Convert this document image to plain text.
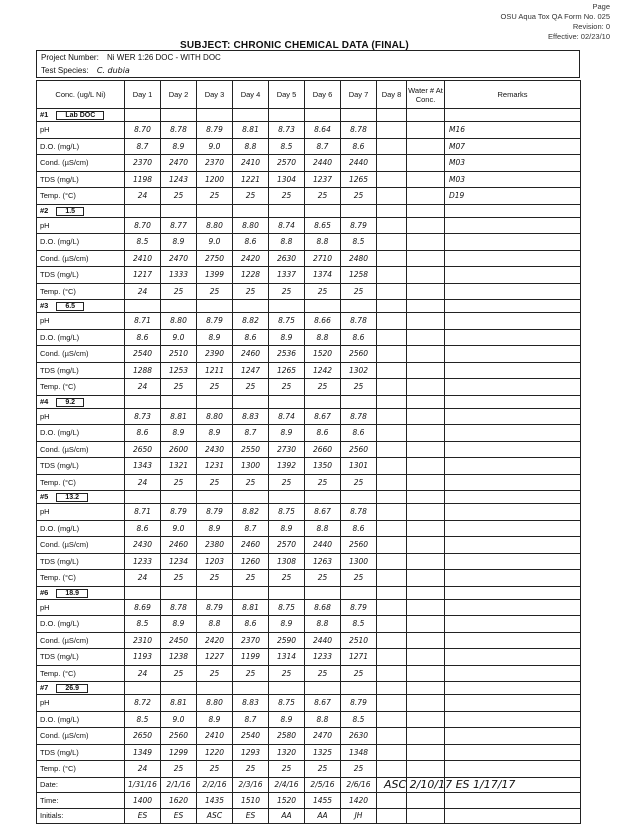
Page
OSU Aqua Tox QA Form No. 025
Revision: 0
Effective: 02/23/10
SUBJECT: CHRONIC CHEMICAL DATA (FINAL)
Project Number: Ni WER 1:26 DOC - WITH DOC
Test Species: C. dubia
Conc. (ug/L Ni)	Day 1	Day 2	Day 3	Day 4	Day 5	Day 6	Day 7	Day 8	Water # At Conc.	Remarks
#1 Lab DOC										
pH	8.70	8.78	8.79	8.81	8.73	8.64	8.78			M16
D.O. (mg/L)	8.7	8.9	9.0	8.8	8.5	8.7	8.6			M07
Cond. (µS/cm)	2370	2470	2370	2410	2570	2440	2440			M03
TDS (mg/L)	1198	1243	1200	1221	1304	1237	1265			M03
Temp. (°C)	24	25	25	25	25	25	25			D19
#2 1.5										
pH	8.70	8.77	8.80	8.80	8.74	8.65	8.79			
D.O. (mg/L)	8.5	8.9	9.0	8.6	8.8	8.8	8.5			
Cond. (µS/cm)	2410	2470	2750	2420	2630	2710	2480			
TDS (mg/L)	1217	1333	1399	1228	1337	1374	1258			
Temp. (°C)	24	25	25	25	25	25	25			
#3 6.5										
pH	8.71	8.80	8.79	8.82	8.75	8.66	8.78			
D.O. (mg/L)	8.6	9.0	8.9	8.6	8.9	8.8	8.6			
Cond. (µS/cm)	2540	2510	2390	2460	2536	1520	2560			
TDS (mg/L)	1288	1253	1211	1247	1265	1242	1302			
Temp. (°C)	24	25	25	25	25	25	25			
#4 9.2										
pH	8.73	8.81	8.80	8.83	8.74	8.67	8.78			
D.O. (mg/L)	8.6	8.9	8.9	8.7	8.9	8.6	8.6			
Cond. (µS/cm)	2650	2600	2430	2550	2730	2660	2560			
TDS (mg/L)	1343	1321	1231	1300	1392	1350	1301			
Temp. (°C)	24	25	25	25	25	25	25			
#5 13.2										
pH	8.71	8.79	8.79	8.82	8.75	8.67	8.78			
D.O. (mg/L)	8.6	9.0	8.9	8.7	8.9	8.8	8.6			
Cond. (µS/cm)	2430	2460	2380	2460	2570	2440	2560			
TDS (mg/L)	1233	1234	1203	1260	1308	1263	1300			
Temp. (°C)	24	25	25	25	25	25	25			
#6 18.9										
pH	8.69	8.78	8.79	8.81	8.75	8.68	8.79			
D.O. (mg/L)	8.5	8.9	8.8	8.6	8.9	8.8	8.5			
Cond. (µS/cm)	2310	2450	2420	2370	2590	2440	2510			
TDS (mg/L)	1193	1238	1227	1199	1314	1233	1271			
Temp. (°C)	24	25	25	25	25	25	25			
#7 26.9										
pH	8.72	8.81	8.80	8.83	8.75	8.67	8.79			
D.O. (mg/L)	8.5	9.0	8.9	8.7	8.9	8.8	8.5			
Cond. (µS/cm)	2650	2560	2410	2540	2580	2470	2630			
TDS (mg/L)	1349	1299	1220	1293	1320	1325	1348			
Temp. (°C)	24	25	25	25	25	25	25			
Date:	1/31/16	2/1/16	2/2/16	2/3/16	2/4/16	2/5/16	2/6/16			
Time:	1400	1620	1435	1510	1520	1455	1420			
Initials:	ES	ES	ASC	ES	AA	AA	JH			
ASC 2/10/17 ES 1/17/17
